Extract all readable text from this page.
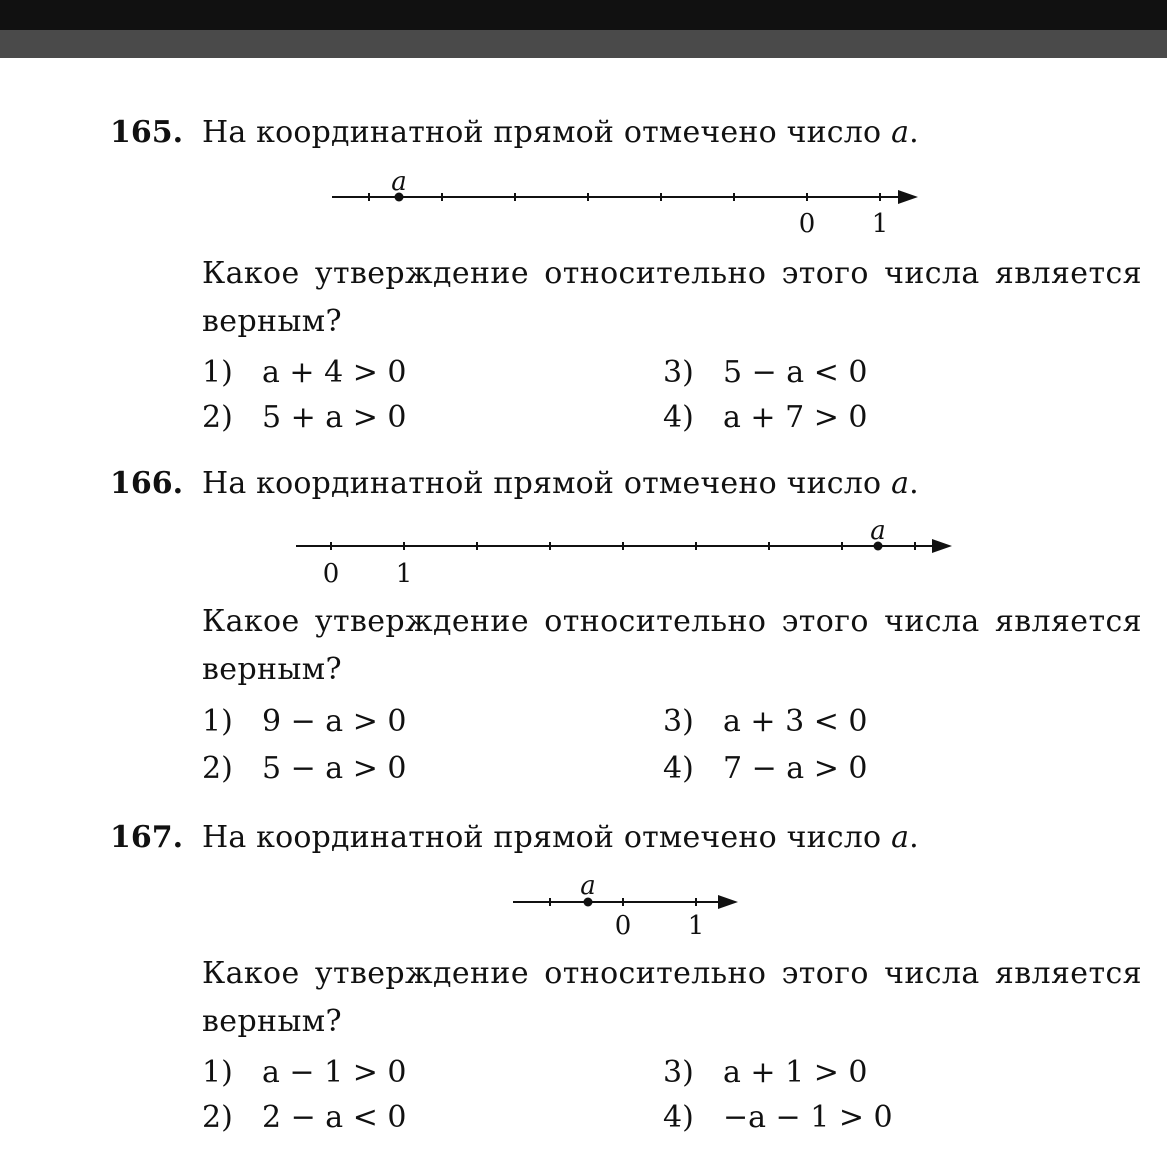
165. На координатной прямой отмечено число a.
a
0 1
Какое утверждение относительно этого числа является верным?
1) a + 4 > 0
2) 5 + a > 0
3) 5 − a < 0
4) a + 7 > 0
166. На координатной прямой отмечено число a.
a
0 1
Какое утверждение относительно этого числа является верным?
1) 9 − a > 0
2) 5 − a > 0
3) a + 3 < 0
4) 7 − a > 0
167. На координатной прямой отмечено число a.
a
0 1
Какое утверждение относительно этого числа является верным?
1) a − 1 > 0
2) 2 − a < 0
3) a + 1 > 0
4) −a − 1 > 0
